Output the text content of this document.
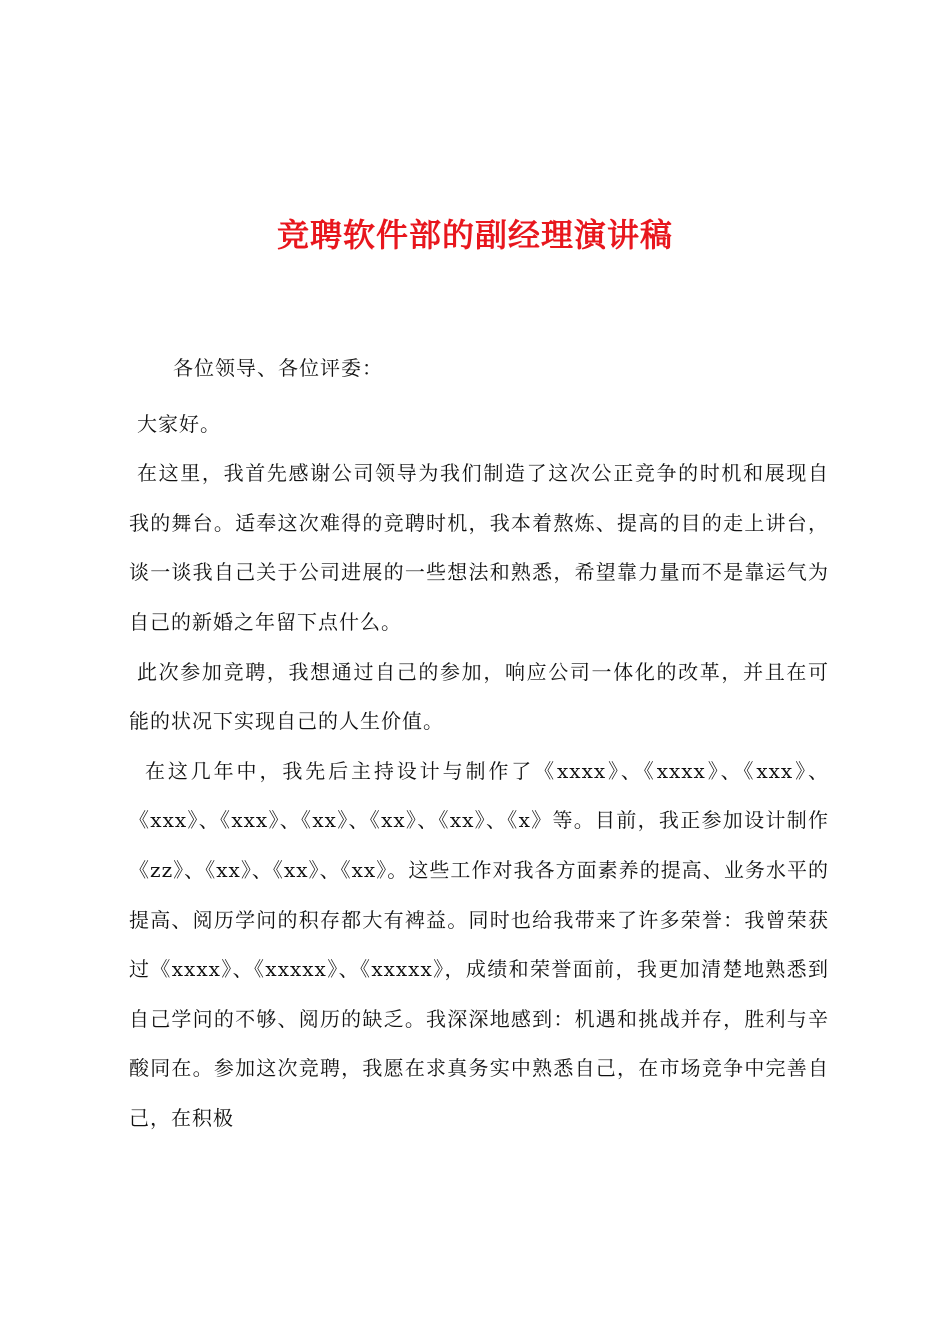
竞聘软件部的副经理演讲稿

各位领导、各位评委：

大家好。

在这里，我首先感谢公司领导为我们制造了这次公正竞争的时机和展现自我的舞台。适奉这次难得的竞聘时机，我本着熬炼、提高的目的走上讲台，谈一谈我自己关于公司进展的一些想法和熟悉，希望靠力量而不是靠运气为自己的新婚之年留下点什么。

此次参加竞聘，我想通过自己的参加，响应公司一体化的改革，并且在可能的状况下实现自己的人生价值。

在这几年中，我先后主持设计与制作了《xxxx》、《xxxx》、《xxx》、《xxx》、《xxx》、《xx》、《xx》、《xx》、《x》等。目前，我正参加设计制作《zz》、《xx》、《xx》、《xx》。这些工作对我各方面素养的提高、业务水平的提高、阅历学问的积存都大有裨益。同时也给我带来了许多荣誉：我曾荣获过《xxxx》、《xxxxx》、《xxxxx》，成绩和荣誉面前，我更加清楚地熟悉到自己学问的不够、阅历的缺乏。我深深地感到：机遇和挑战并存，胜利与辛酸同在。参加这次竞聘，我愿在求真务实中熟悉自己，在市场竞争中完善自己，在积极
